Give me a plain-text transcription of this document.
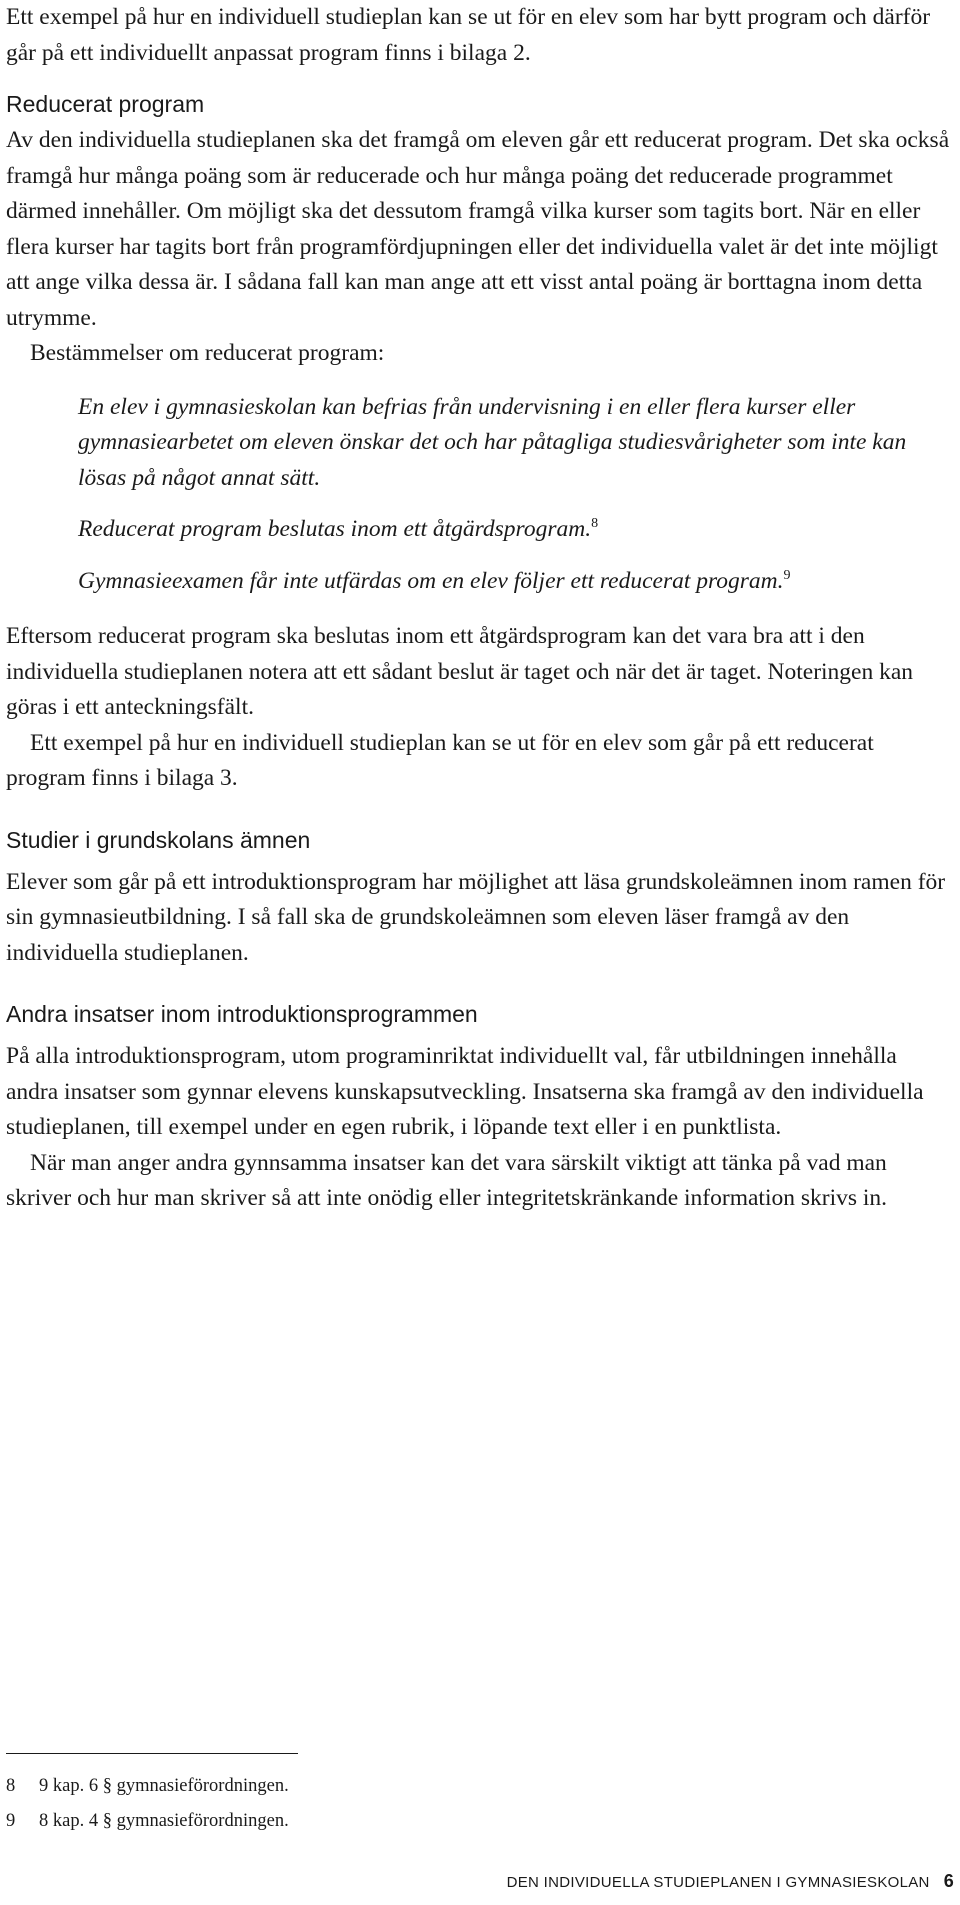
Ett exempel på hur en individuell studieplan kan se ut för en elev som har bytt program och därför går på ett individuellt anpassat program finns i bilaga 2.

Reducerat program

Av den individuella studieplanen ska det framgå om eleven går ett reducerat program. Det ska också framgå hur många poäng som är reducerade och hur många poäng det reducerade programmet därmed innehåller. Om möjligt ska det dessutom framgå vilka kurser som tagits bort. När en eller flera kurser har tagits bort från programfördjupningen eller det individuella valet är det inte möjligt att ange vilka dessa är. I sådana fall kan man ange att ett visst antal poäng är borttagna inom detta utrymme.

Bestämmelser om reducerat program:

En elev i gymnasieskolan kan befrias från undervisning i en eller flera kurser eller gymnasiearbetet om eleven önskar det och har påtagliga studiesvårigheter som inte kan lösas på något annat sätt.

Reducerat program beslutas inom ett åtgärdsprogram.$^8$

Gymnasieexamen får inte utfärdas om en elev följer ett reducerat program.$^9$

Eftersom reducerat program ska beslutas inom ett åtgärdsprogram kan det vara bra att i den individuella studieplanen notera att ett sådant beslut är taget och när det är taget. Noteringen kan göras i ett anteckningsfält.

Ett exempel på hur en individuell studieplan kan se ut för en elev som går på ett reducerat program finns i bilaga 3.

Studier i grundskolans ämnen

Elever som går på ett introduktionsprogram har möjlighet att läsa grundskoleämnen inom ramen för sin gymnasieutbildning. I så fall ska de grundskoleämnen som eleven läser framgå av den individuella studieplanen.

Andra insatser inom introduktionsprogrammen

På alla introduktionsprogram, utom programinriktat individuellt val, får utbildningen innehålla andra insatser som gynnar elevens kunskapsutveckling. Insatserna ska framgå av den individuella studieplanen, till exempel under en egen rubrik, i löpande text eller i en punktlista.

När man anger andra gynnsamma insatser kan det vara särskilt viktigt att tänka på vad man skriver och hur man skriver så att inte onödig eller integritetskränkande information skrivs in.

8	9 kap. 6 § gymnasieförordningen.
9	8 kap. 4 § gymnasieförordningen.
DEN INDIVIDUELLA STUDIEPLANEN I GYMNASIESKOLAN 6
